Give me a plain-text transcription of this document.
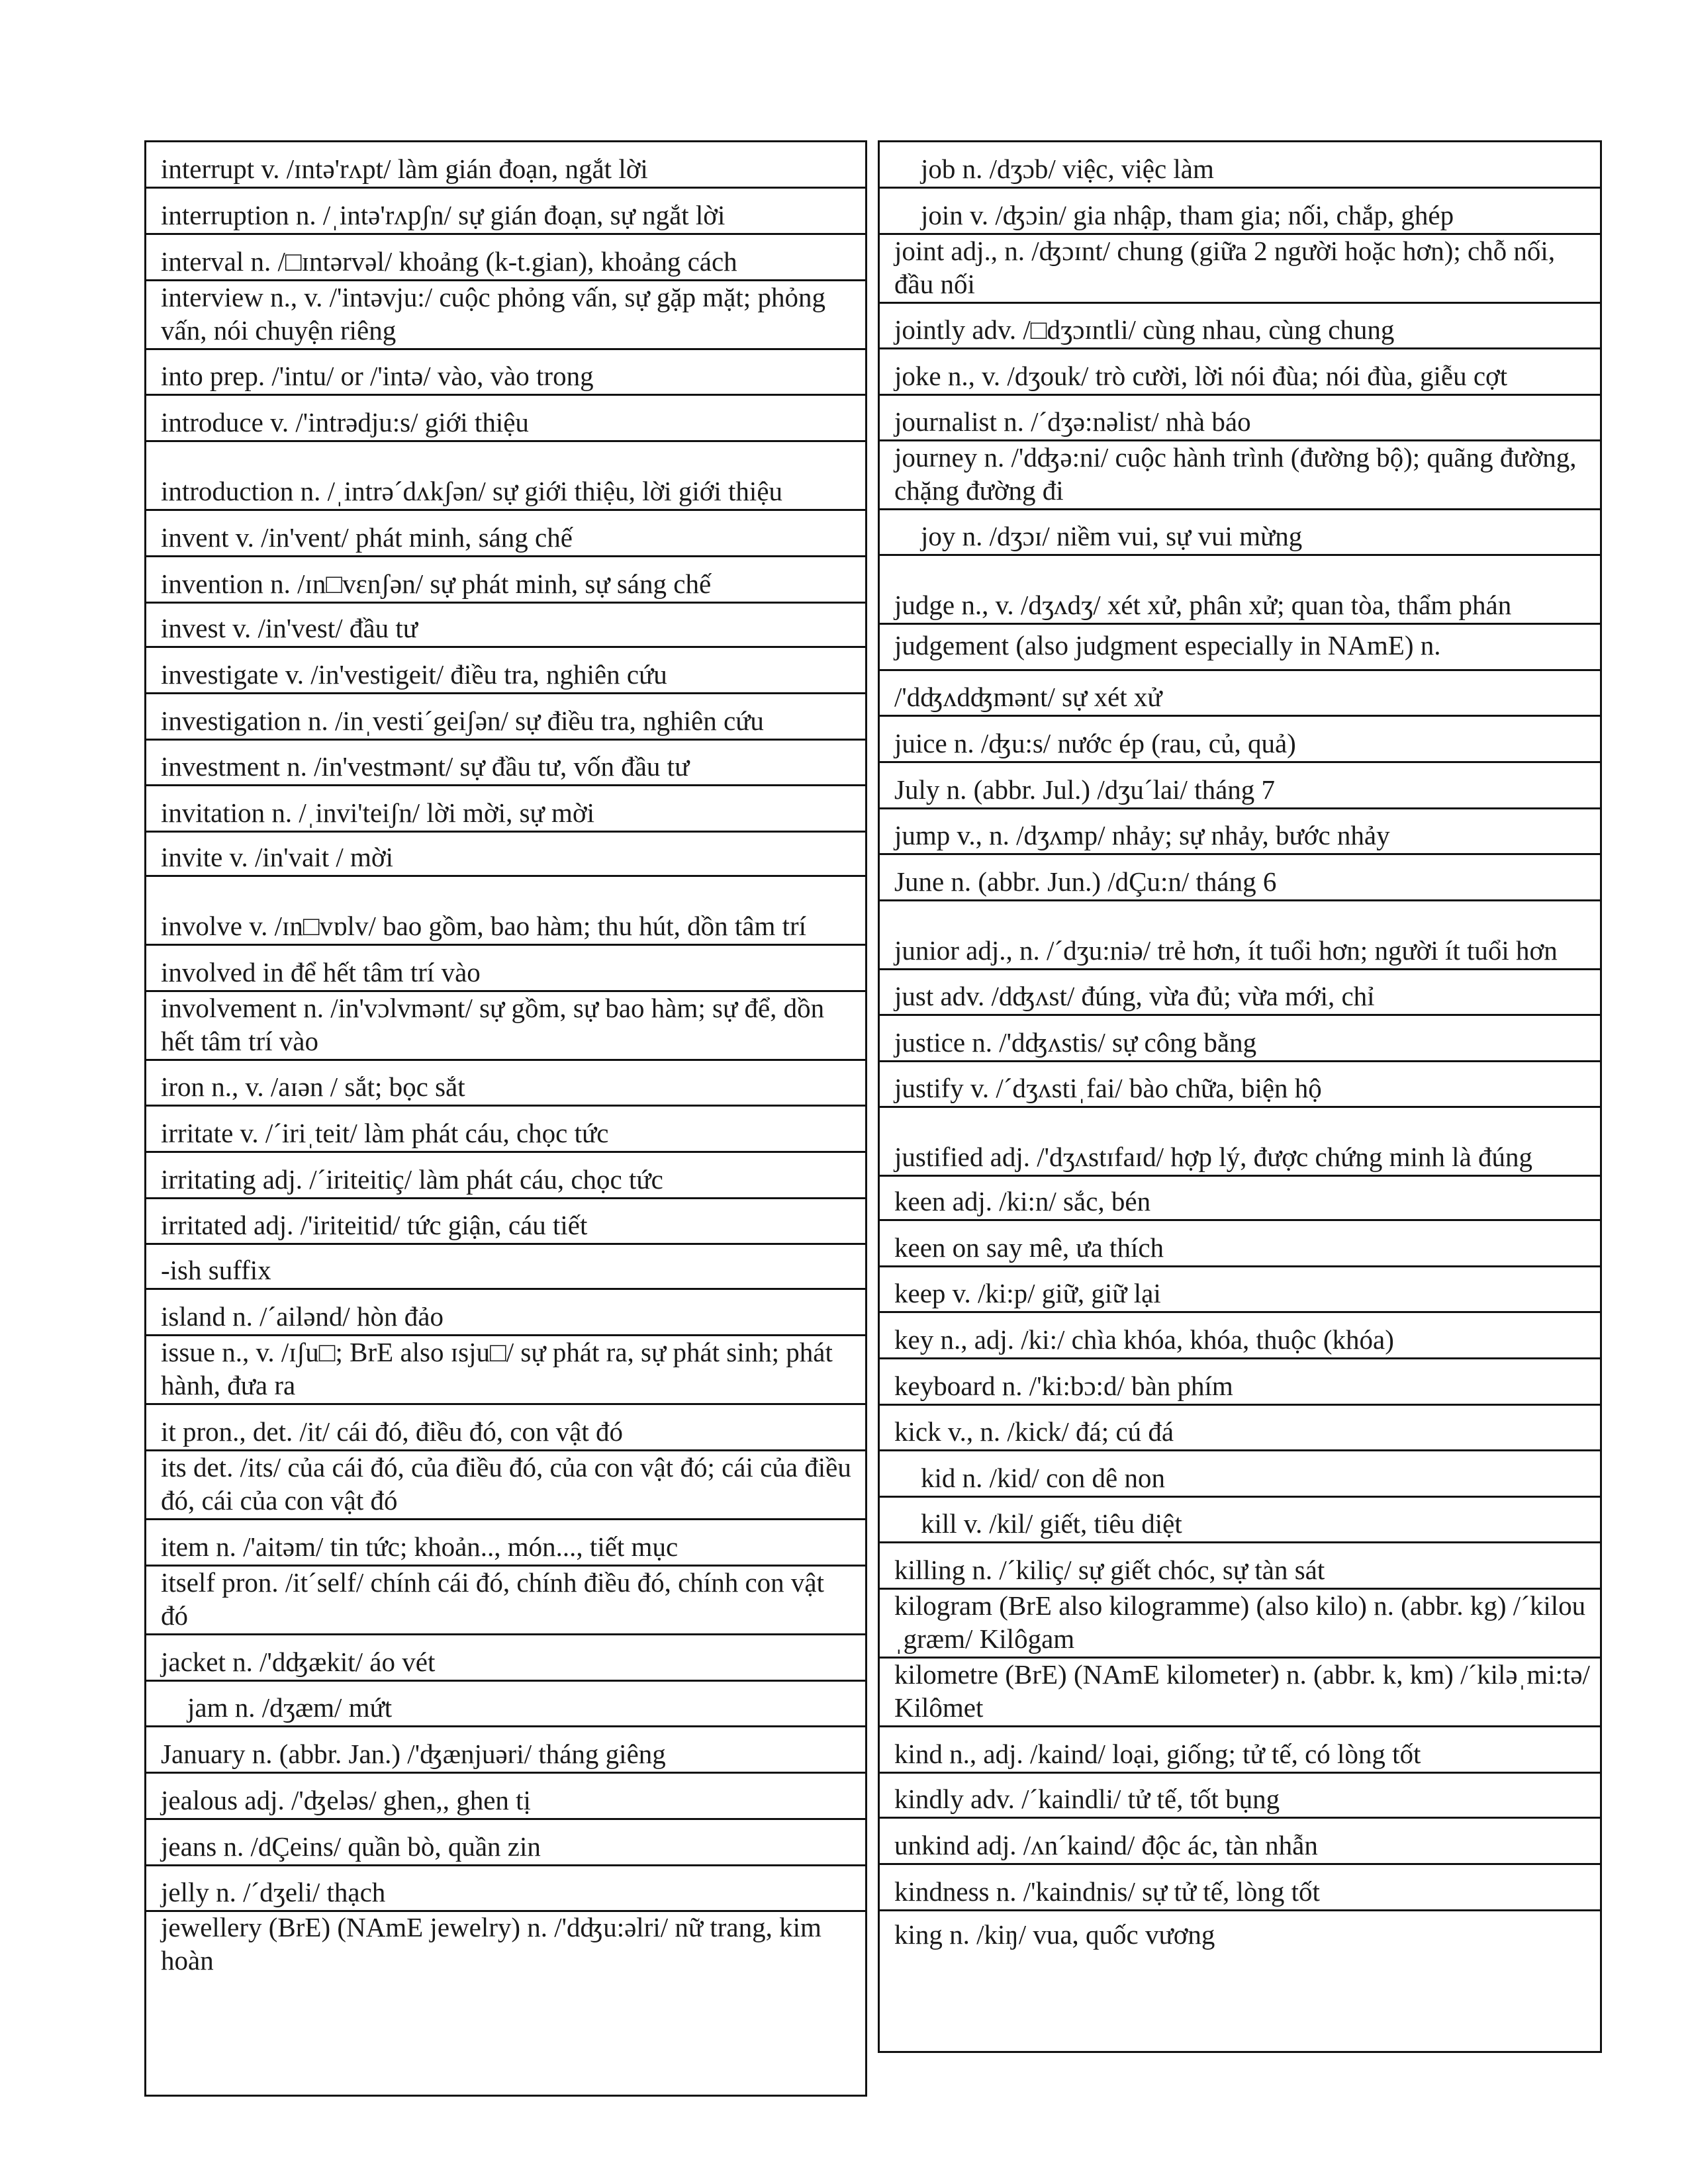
interrupt v. /ɪntə'rʌpt/ làm gián đoạn, ngắt lời
interruption n. /ˌintə'rʌpʃn/ sự gián đoạn, sự ngắt lời
interval n. /□ɪntərvəl/ khoảng (k-t.gian), khoảng cách
interview n., v. /'intəvju:/ cuộc phỏng vấn, sự gặp mặt; phỏng vấn, nói chuyện riêng
into prep. /'intu/ or /'intə/ vào, vào trong
introduce v. /'intrədju:s/ giới thiệu
introduction n. /ˌintrə´dʌkʃən/ sự giới thiệu, lời giới thiệu
invent v. /in'vent/ phát minh, sáng chế
invention n. /ɪn□vɛnʃən/ sự phát minh, sự sáng chế
invest v. /in'vest/ đầu tư
investigate v. /in'vestigeit/ điều tra, nghiên cứu
investigation n. /inˌvesti´geiʃən/ sự điều tra, nghiên cứu
investment n. /in'vestmənt/ sự đầu tư, vốn đầu tư
invitation n. /ˌinvi'teiʃn/ lời mời, sự mời
invite v. /in'vait / mời
involve v. /ɪn□vɒlv/ bao gồm, bao hàm; thu hút, dồn tâm trí
involved in để hết tâm trí vào
involvement n. /in'vɔlvmənt/ sự gồm, sự bao hàm; sự để, dồn hết tâm trí vào
iron n., v. /aɪən / sắt; bọc sắt
irritate v. /´iriˌteit/ làm phát cáu, chọc tức
irritating adj. /´iriteitiç/ làm phát cáu, chọc tức
irritated adj. /'iriteitid/ tức giận, cáu tiết
-ish suffix
island n. /´ailənd/ hòn đảo
issue n., v. /ɪʃu□; BrE also ɪsju□/ sự phát ra, sự phát sinh; phát hành, đưa ra
it pron., det. /it/ cái đó, điều đó, con vật đó
its det. /its/ của cái đó, của điều đó, của con vật đó; cái của điều đó, cái của con vật đó
item n. /'aitəm/ tin tức; khoản.., món..., tiết mục
itself pron. /it´self/ chính cái đó, chính điều đó, chính con vật đó
jacket n. /'dʤækit/ áo vét
jam n. /dʒæm/ mứt
January n. (abbr. Jan.) /'ʤænjuəri/ tháng giêng
jealous adj. /'ʤeləs/ ghen,, ghen tị
jeans n. /dÇeins/ quần bò, quần zin
jelly n. /´dʒeli/ thạch
jewellery (BrE) (NAmE jewelry) n. /'dʤu:əlri/ nữ trang, kim hoàn
job n. /dʒɔb/ việc, việc làm
join v. /ʤɔin/ gia nhập, tham gia; nối, chắp, ghép
joint adj., n. /ʤɔɪnt/ chung (giữa 2 người hoặc hơn); chỗ nối, đầu nối
jointly adv. /□dʒɔɪntli/ cùng nhau, cùng chung
joke n., v. /dʒouk/ trò cười, lời nói đùa; nói đùa, giễu cợt
journalist n. /´dʒə:nəlist/ nhà báo
journey n. /'dʤə:ni/ cuộc hành trình (đường bộ); quãng đường, chặng đường đi
joy n. /dʒɔɪ/ niềm vui, sự vui mừng
judge n., v. /dʒʌdʒ/ xét xử, phân xử; quan tòa, thẩm phán
judgement (also judgment especially in NAmE) n.
/'dʤʌdʤmənt/ sự xét xử
juice n. /ʤu:s/ nước ép (rau, củ, quả)
July n. (abbr. Jul.) /dʒu´lai/ tháng 7
jump v., n. /dʒʌmp/ nhảy; sự nhảy, bước nhảy
June n. (abbr. Jun.) /dÇu:n/ tháng 6
junior adj., n. /´dʒu:niə/ trẻ hơn, ít tuổi hơn; người ít tuổi hơn
just adv. /dʤʌst/ đúng, vừa đủ; vừa mới, chỉ
justice n. /'dʤʌstis/ sự công bằng
justify v. /´dʒʌstiˌfai/ bào chữa, biện hộ
justified adj. /'dʒʌstɪfaɪd/ hợp lý, được chứng minh là đúng
keen adj. /ki:n/ sắc, bén
keen on say mê, ưa thích
keep v. /ki:p/ giữ, giữ lại
key n., adj. /ki:/ chìa khóa, khóa, thuộc (khóa)
keyboard n. /'ki:bɔ:d/ bàn phím
kick v., n. /kick/ đá; cú đá
kid n. /kid/ con dê non
kill v. /kil/ giết, tiêu diệt
killing n. /´kiliç/ sự giết chóc, sự tàn sát
kilogram (BrE also kilogramme) (also kilo) n. (abbr. kg) /´kilouˌgræm/ Kilôgam
kilometre (BrE) (NAmE kilometer) n. (abbr. k, km) /´kiləˌmi:tə/ Kilômet
kind n., adj. /kaind/ loại, giống; tử tế, có lòng tốt
kindly adv. /´kaindli/ tử tế, tốt bụng
unkind adj. /ʌn´kaind/ độc ác, tàn nhẫn
kindness n. /'kaindnis/ sự tử tế, lòng tốt
king n. /kiŋ/ vua, quốc vương
